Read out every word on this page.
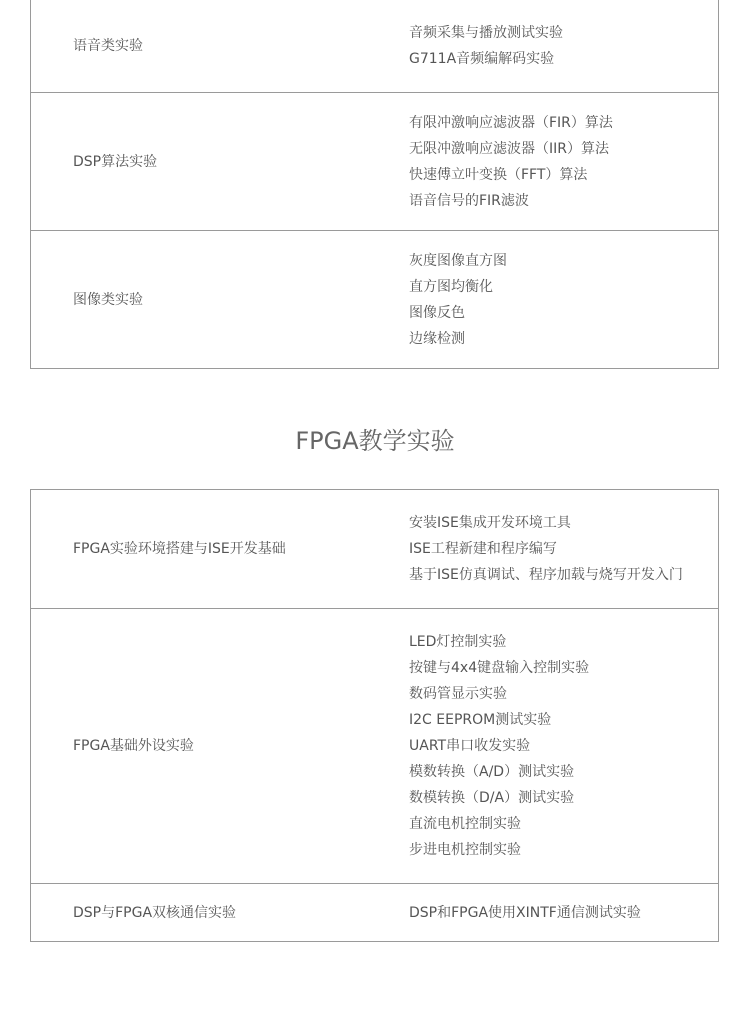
语音类实验
音频采集与播放测试实验
G711A音频编解码实验
DSP算法实验
有限冲激响应滤波器（FIR）算法
无限冲激响应滤波器（IIR）算法
快速傅立叶变换（FFT）算法
语音信号的FIR滤波
图像类实验
灰度图像直方图
直方图均衡化
图像反色
边缘检测
FPGA教学实验
FPGA实验环境搭建与ISE开发基础
安装ISE集成开发环境工具
ISE工程新建和程序编写
基于ISE仿真调试、程序加载与烧写开发入门
FPGA基础外设实验
LED灯控制实验
按键与4x4键盘输入控制实验
数码管显示实验
I2C EEPROM测试实验
UART串口收发实验
模数转换（A/D）测试实验
数模转换（D/A）测试实验
直流电机控制实验
步进电机控制实验
DSP与FPGA双核通信实验	DSP和FPGA使用XINTF通信测试实验
